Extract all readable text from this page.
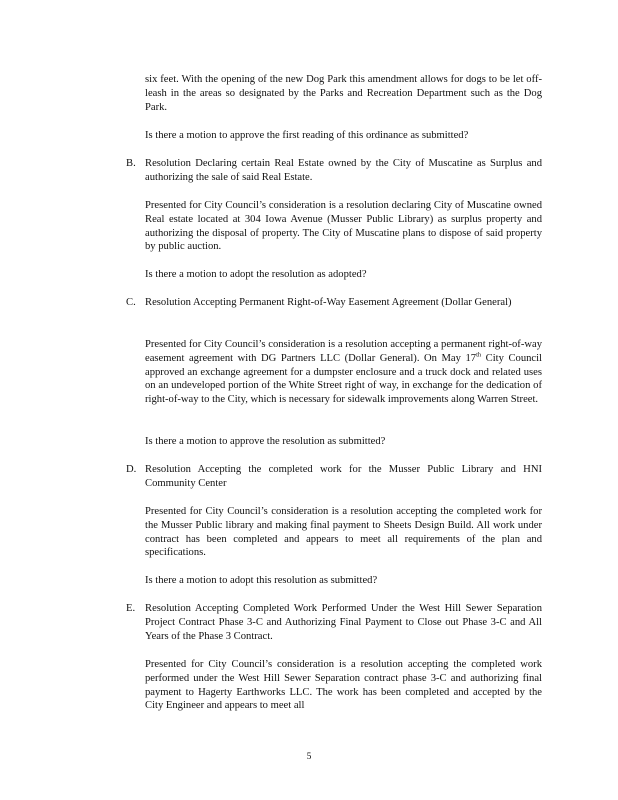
six feet. With the opening of the new Dog Park this amendment allows for dogs to be let off-leash in the areas so designated by the Parks and Recreation Department such as the Dog Park.

Is there a motion to approve the first reading of this ordinance as submitted?

B. Resolution Declaring certain Real Estate owned by the City of Muscatine as Surplus and authorizing the sale of said Real Estate.

Presented for City Council’s consideration is a resolution declaring City of Muscatine owned Real estate located at 304 Iowa Avenue (Musser Public Library) as surplus property and authorizing the disposal of property. The City of Muscatine plans to dispose of said property by public auction.

Is there a motion to adopt the resolution as adopted?

C. Resolution Accepting Permanent Right-of-Way Easement Agreement (Dollar General)

Presented for City Council’s consideration is a resolution accepting a permanent right-of-way easement agreement with DG Partners LLC (Dollar General). On May 17th City Council approved an exchange agreement for a dumpster enclosure and a truck dock and related uses on an undeveloped portion of the White Street right of way, in exchange for the dedication of right-of-way to the City, which is necessary for sidewalk improvements along Warren Street.

Is there a motion to approve the resolution as submitted?

D. Resolution Accepting the completed work for the Musser Public Library and HNI Community Center

Presented for City Council’s consideration is a resolution accepting the completed work for the Musser Public library and making final payment to Sheets Design Build. All work under contract has been completed and appears to meet all requirements of the plan and specifications.

Is there a motion to adopt this resolution as submitted?

E. Resolution Accepting Completed Work Performed Under the West Hill Sewer Separation Project Contract Phase 3-C and Authorizing Final Payment to Close out Phase 3-C and All Years of the Phase 3 Contract.

Presented for City Council’s consideration is a resolution accepting the completed work performed under the West Hill Sewer Separation contract phase 3-C and authorizing final payment to Hagerty Earthworks LLC. The work has been completed and accepted by the City Engineer and appears to meet all

5
